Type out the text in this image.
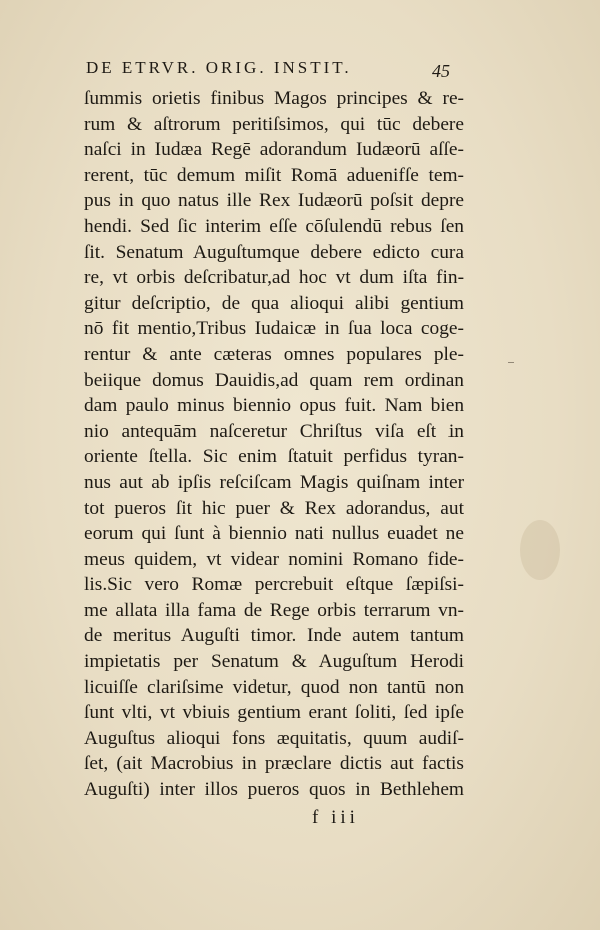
DE ETRVR. ORIG. INSTIT.	45
ſummis orietis finibus Magos principes & re-
rum & aſtrorum peritiſsimos, qui tūc debere
naſci in Iudæa Regē adorandum Iudæorū aſſe-
rerent, tūc demum miſit Romā aduenifſe tem-
pus in quo natus ille Rex Iudæorū poſsit depre
hendi. Sed ſic interim eſſe cōſulendū rebus ſen
ſit. Senatum Auguſtumque debere edicto cura
re, vt orbis deſcribatur,ad hoc vt dum iſta fin-
gitur deſcriptio, de qua alioqui alibi gentium
nō fit mentio,Tribus Iudaicæ in ſua loca coge-
rentur & ante cæteras omnes populares ple-
beiique domus Dauidis,ad quam rem ordinan
dam paulo minus biennio opus fuit. Nam bien
nio antequām naſceretur Chriſtus viſa eſt in
oriente ſtella. Sic enim ſtatuit perfidus tyran-
nus aut ab ipſis reſciſcam Magis quiſnam inter
tot pueros ſit hic puer & Rex adorandus, aut
eorum qui ſunt à biennio nati nullus euadet ne
meus quidem, vt videar nomini Romano fide-
lis.Sic vero Romæ percrebuit eſtque ſæpiſsi-
me allata illa fama de Rege orbis terrarum vn-
de meritus Auguſti timor. Inde autem tantum
impietatis per Senatum & Auguſtum Herodi
licuiſſe clariſsime videtur, quod non tantū non
ſunt vlti, vt vbiuis gentium erant ſoliti, ſed ipſe
Auguſtus alioqui fons æquitatis, quum audiſ-
ſet, (ait Macrobius in præclare dictis aut factis
Auguſti) inter illos pueros quos in Bethlehem
f iii
